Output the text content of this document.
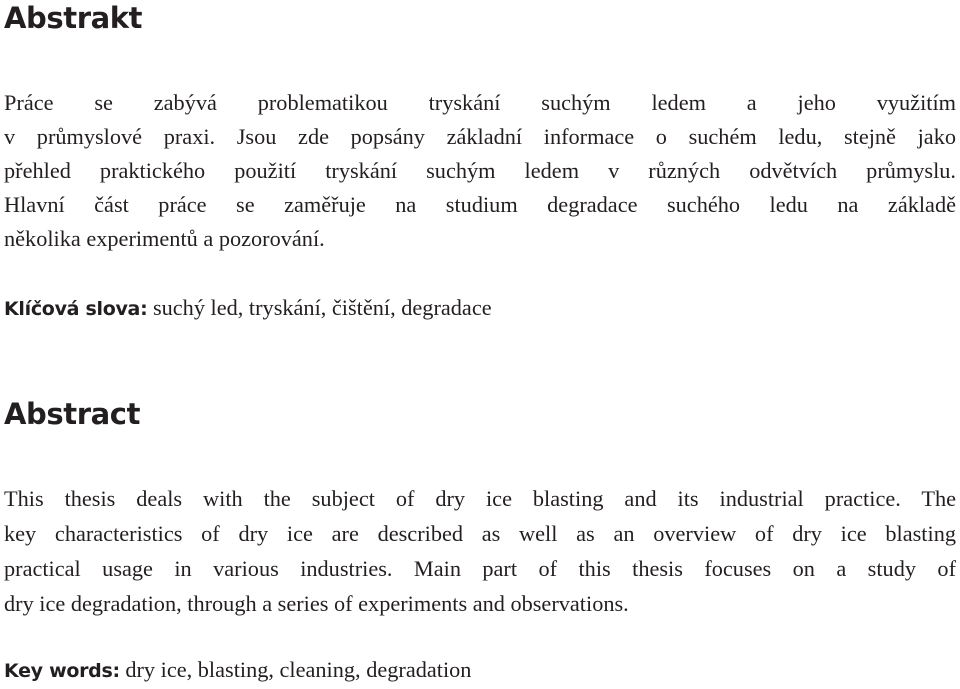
Abstrakt

Práce se zabývá problematikou tryskání suchým ledem a jeho využitím

v průmyslové praxi. Jsou zde popsány základní informace o suchém ledu, stejně jako

přehled praktického použití tryskání suchým ledem v různých odvětvích průmyslu.

Hlavní část práce se zaměřuje na studium degradace suchého ledu na základě

několika experimentů a pozorování.

Klíčová slova: suchý led, tryskání, čištění, degradace

Abstract

This thesis deals with the subject of dry ice blasting and its industrial practice. The

key characteristics of dry ice are described as well as an overview of dry ice blasting

practical usage in various industries. Main part of this thesis focuses on a study of

dry ice degradation, through a series of experiments and observations.

Key words: dry ice, blasting, cleaning, degradation
